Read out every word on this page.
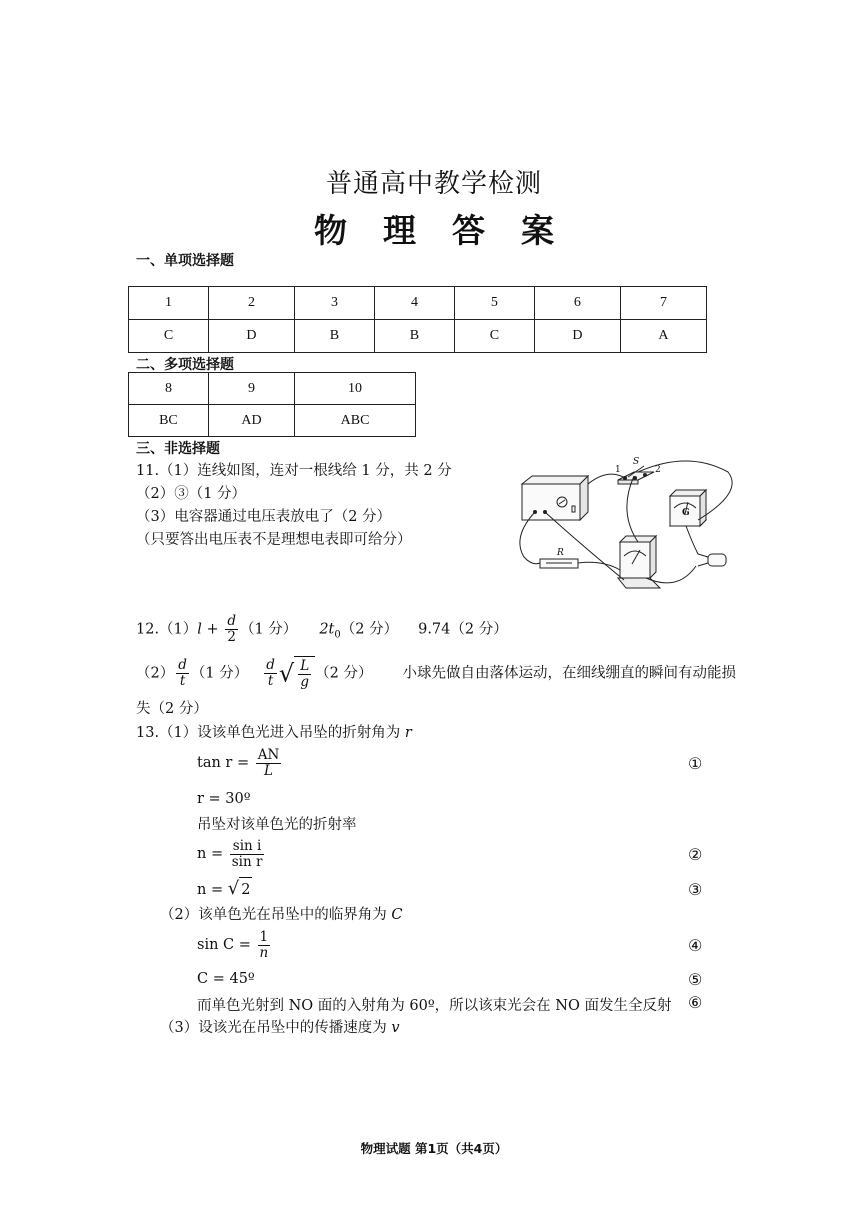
普通高中教学检测
物理答案
一、单项选择题
1	2	3	4	5	6	7
C	D	B	B	C	D	A
二、多项选择题
8	9	10
BC	AD	ABC
三、非选择题
11.（1）连线如图，连对一根线给 1 分，共 2 分
（2）③（1 分）
（3）电容器通过电压表放电了（2 分）
（只要答出电压表不是理想电表即可给分）
S
1	2
R
G
$12.(1)l + \frac{d}{2} (1$ 分） $2t_0(2$ 分） 9.74（2 分）
$(2) \frac{d}{t} (1$ 分） $\frac{d}{t}$ √ $\frac{L}{g} (2$ 分） 小球先做自由落体运动，在细线绷直的瞬间有动能损
失（2 分）
13.（1）设该单色光进入吊坠的折射角为 r
$\tan r = \frac{AN}{L}$	①
r = 30º
吊坠对该单色光的折射率
$n = \frac{\text{sin i}}{\text{sin r}}$	②
n = √ 2	③
（2）该单色光在吊坠中的临界角为 C
$\sin C = \frac{1}{n}$	④
C = 45º	⑤
而单色光射到 NO 面的入射角为 60º，所以该束光会在 NO 面发生全反射 ⑥
（3）设该光在吊坠中的传播速度为 v
物理试题 第1页（共4页）
